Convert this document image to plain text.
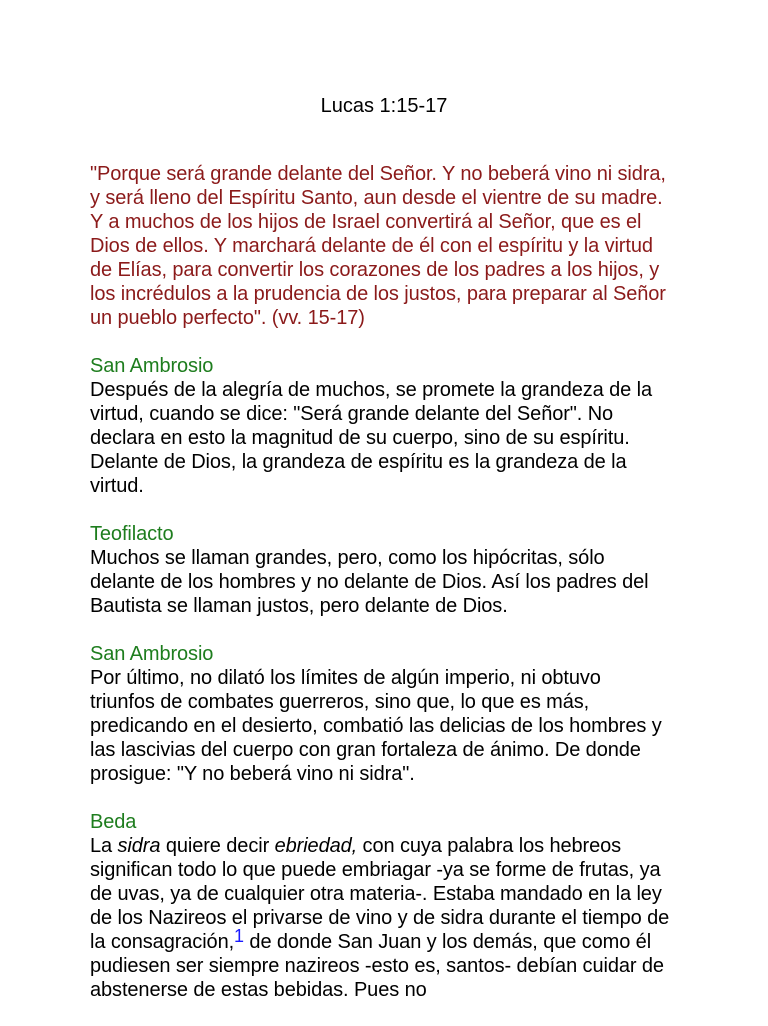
Lucas 1:15-17

"Porque será grande delante del Señor. Y no beberá vino ni sidra, y será lleno del Espíritu Santo, aun desde el vientre de su madre. Y a muchos de los hijos de Israel convertirá al Señor, que es el Dios de ellos. Y marchará delante de él con el espíritu y la virtud de Elías, para convertir los corazones de los padres a los hijos, y los incrédulos a la prudencia de los justos, para preparar al Señor un pueblo perfecto". (vv. 15-17)

San Ambrosio
Después de la alegría de muchos, se promete la grandeza de la virtud, cuando se dice: "Será grande delante del Señor". No declara en esto la magnitud de su cuerpo, sino de su espíritu. Delante de Dios, la grandeza de espíritu es la grandeza de la virtud.
Teofilacto
Muchos se llaman grandes, pero, como los hipócritas, sólo delante de los hombres y no delante de Dios. Así los padres del Bautista se llaman justos, pero delante de Dios.
San Ambrosio
Por último, no dilató los límites de algún imperio, ni obtuvo triunfos de combates guerreros, sino que, lo que es más, predicando en el desierto, combatió las delicias de los hombres y las lascivias del cuerpo con gran fortaleza de ánimo. De donde prosigue: "Y no beberá vino ni sidra".
Beda
La sidra quiere decir ebriedad, con cuya palabra los hebreos significan todo lo que puede embriagar -ya se forme de frutas, ya de uvas, ya de cualquier otra materia-. Estaba mandado en la ley de los Nazireos el privarse de vino y de sidra durante el tiempo de la consagración,$^1$ de donde San Juan y los demás, que como él pudiesen ser siempre nazireos -esto es, santos- debían cuidar de abstenerse de estas bebidas. Pues no
